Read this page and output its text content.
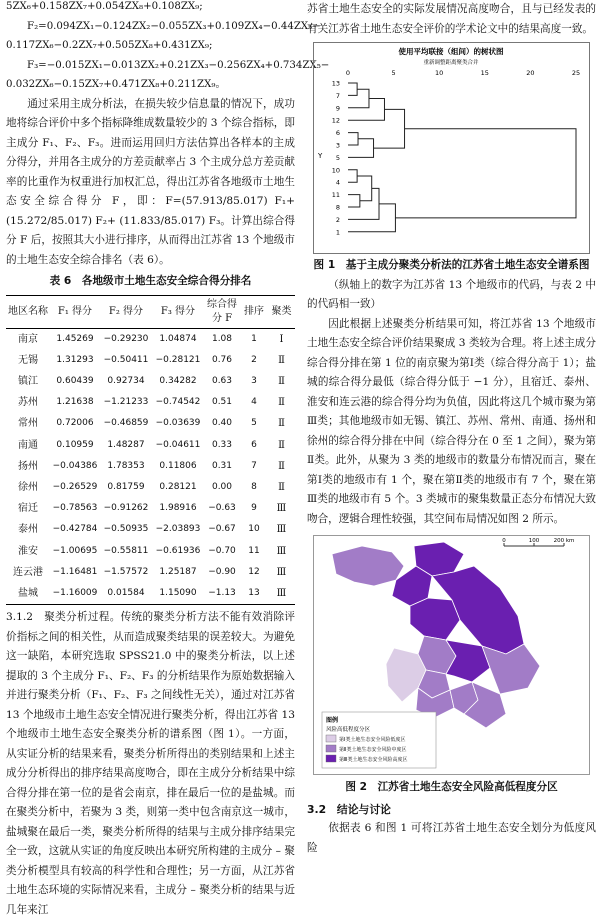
5ZX₆+0.158ZX₇+0.054ZX₈+0.108ZX₉;
F₂=0.094ZX₁−0.124ZX₂−0.055ZX₃+0.109ZX₄−0.44ZX₅−
0.117ZX₆−0.2ZX₇+0.505ZX₈+0.431ZX₉;
F₃=−0.015ZX₁−0.013ZX₂+0.21ZX₃−0.256ZX₄+0.734ZX₅−
0.032ZX₆−0.15ZX₇+0.471ZX₈+0.211ZX₉。

通过采用主成分析法，在损失较少信息量的情况下，成功地将综合评价中多个指标降维成数量较少的 3 个综合指标，即主成分 F₁、F₂、F₃。进而运用回归方法估算出各样本的主成分得分，并用各主成分的方差贡献率占 3 个主成分总方差贡献率的比重作为权重进行加权汇总，得出江苏省各地级市土地生态安全综合得分 F，即：F=(57.913/85.017) F₁+(15.272/85.017) F₂+ (11.833/85.017) F₃。计算出综合得分 F 后，按照其大小进行排序，从而得出江苏省 13 个地级市的土地生态安全综合排名（表 6）。

表 6　各地级市土地生态安全综合得分排名
地区名称	F₁ 得分	F₂ 得分	F₃ 得分	综合得分 F	排序	聚类
南京	1.45269	−0.29230	1.04874	1.08	1	Ⅰ
无锡	1.31293	−0.50411	−0.28121	0.76	2	Ⅱ
镇江	0.60439	0.92734	0.34282	0.63	3	Ⅱ
苏州	1.21638	−1.21233	−0.74542	0.51	4	Ⅱ
常州	0.72006	−0.46859	−0.03639	0.40	5	Ⅱ
南通	0.10959	1.48287	−0.04611	0.33	6	Ⅱ
扬州	−0.04386	1.78353	0.11806	0.31	7	Ⅱ
徐州	−0.26529	0.81759	0.28121	0.00	8	Ⅱ
宿迁	−0.78563	−0.91262	1.98916	−0.63	9	Ⅲ
泰州	−0.42784	−0.50935	−2.03893	−0.67	10	Ⅲ
淮安	−1.00695	−0.55811	−0.61936	−0.70	11	Ⅲ
连云港	−1.16481	−1.57572	1.25187	−0.90	12	Ⅲ
盐城	−1.16009	0.01584	1.15090	−1.13	13	Ⅲ

3.1.2　聚类分析过程。传统的聚类分析方法不能有效消除评价指标之间的相关性，从而造成聚类结果的误差较大。为避免这一缺陷，本研究选取 SPSS21.0 中的聚类分析法，以上述提取的 3 个主成分 F₁、F₂、F₃ 的分析结果作为原始数据输入并进行聚类分析（F₁、F₂、F₃ 之间线性无关），通过对江苏省 13 个地级市土地生态安全情况进行聚类分析，得出江苏省 13 个地级市土地生态安全聚类分析的谱系图（图 1）。一方面，从实证分析的结果来看，聚类分析所得出的类别结果和上述主成分分析得出的排序结果高度吻合，即在主成分分析结果中综合得分排在第一位的是省会南京，排在最后一位的是盐城。而在聚类分析中，若聚为 3 类，则第一类中包含南京这一城市，盐城聚在最后一类，聚类分析所得的结果与主成分排序结果完全一致，这就从实证的角度反映出本研究所构建的主成分 – 聚类分析模型具有较高的科学性和合理性；另一方面，从江苏省土地生态环境的实际情况来看，主成分 – 聚类分析的结果与近几年来江

苏省土地生态安全的实际发展情况高度吻合，且与已经发表的有关江苏省土地生态安全评价的学术论文中的结果高度一致。

使用平均联接（组间）的树状图
重新调整距离聚类合并
Y
0	5	10	15	20	25
13
7
9
12
6
3
5
10
4
11
8
2
1
图 1　基于主成分聚类分析法的江苏省土地生态安全谱系图

（纵轴上的数字为江苏省 13 个地级市的代码，与表 2 中的代码相一致）

因此根据上述聚类分析结果可知，将江苏省 13 个地级市土地生态安全综合评价结果聚成 3 类较为合理。将上述主成分综合得分排在第 1 位的南京聚为第Ⅰ类（综合得分高于 1）；盐城的综合得分最低（综合得分低于 −1 分），且宿迁、泰州、淮安和连云港的综合得分均为负值，因此将这几个城市聚为第Ⅲ类；其他地级市如无锡、镇江、苏州、常州、南通、扬州和徐州的综合得分排在中间（综合得分在 0 至 1 之间），聚为第Ⅱ类。此外，从聚为 3 类的地级市的数量分布情况而言，聚在第Ⅰ类的地级市有 1 个，聚在第Ⅱ类的地级市有 7 个，聚在第Ⅲ类的地级市有 5 个。3 类城市的聚集数量正态分布情况大致吻合，逻辑合理性较强，其空间布局情况如图 2 所示。

0	100	200 km
图例
风险高低程度分区
第Ⅰ类土地生态安全风险低度区
第Ⅱ类土地生态安全风险中度区
第Ⅲ类土地生态安全风险高度区
图 2　江苏省土地生态安全风险高低程度分区
3.2　结论与讨论

依据表 6 和图 1 可将江苏省土地生态安全划分为低度风险
